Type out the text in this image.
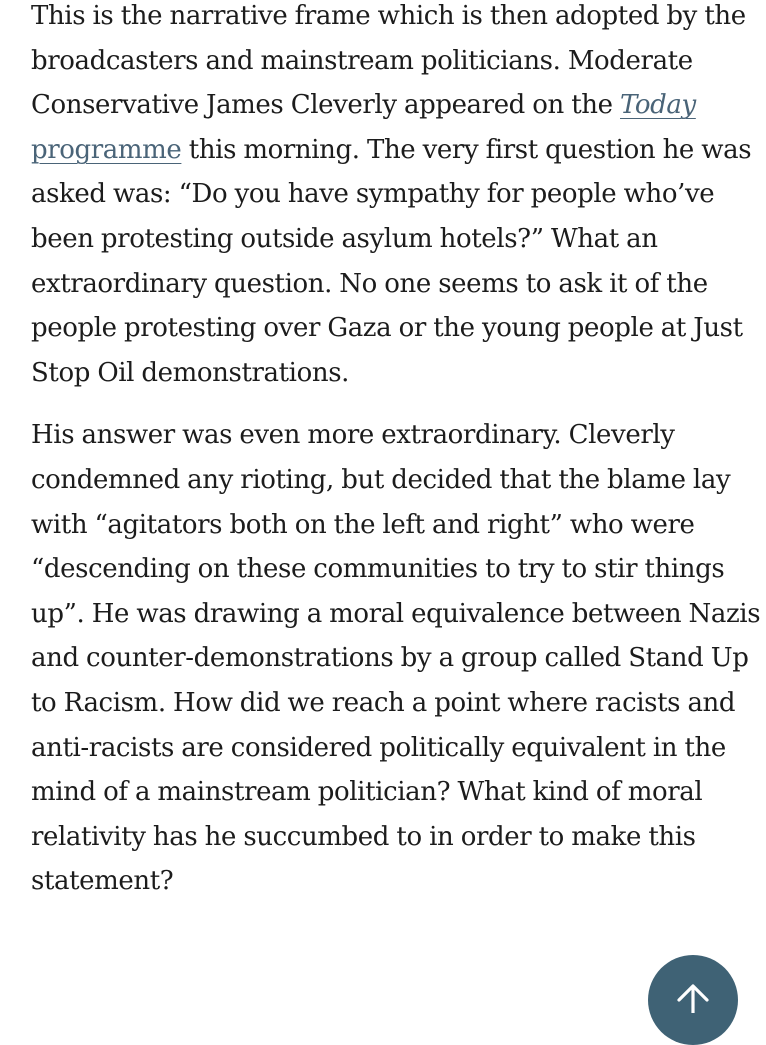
This is the narrative frame which is then adopted by the broadcasters and mainstream politicians. Moderate Conservative James Cleverly appeared on the Today programme this morning. The very first question he was asked was: “Do you have sympathy for people who’ve been protesting outside asylum hotels?” What an extraordinary question. No one seems to ask it of the people protesting over Gaza or the young people at Just Stop Oil demonstrations.

His answer was even more extraordinary. Cleverly condemned any rioting, but decided that the blame lay with “agitators both on the left and right” who were “descending on these communities to try to stir things up”. He was drawing a moral equivalence between Nazis and counter-demonstrations by a group called Stand Up to Racism. How did we reach a point where racists and anti-racists are considered politically equivalent in the mind of a mainstream politician? What kind of moral relativity has he succumbed to in order to make this statement?
